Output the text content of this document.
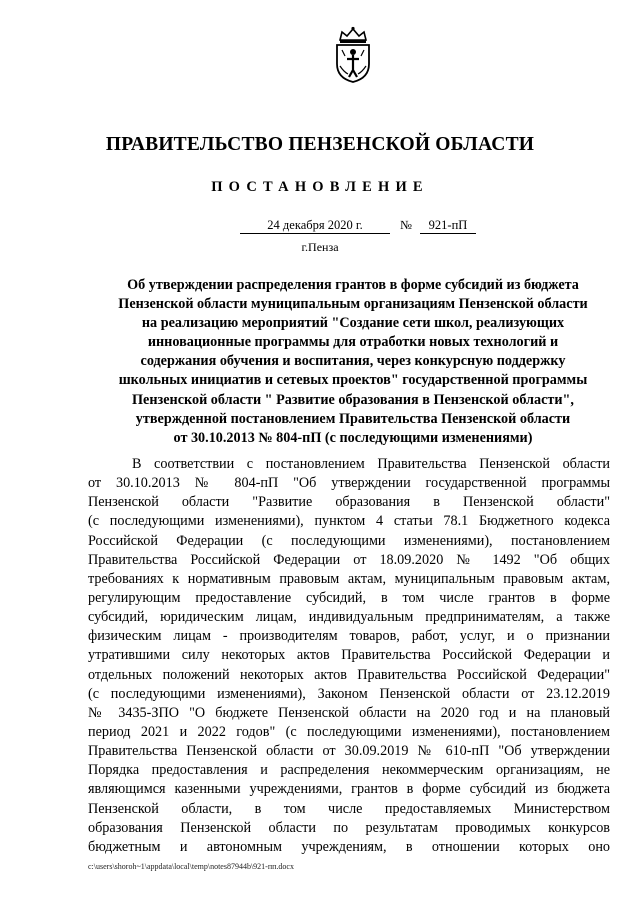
ПРАВИТЕЛЬСТВО ПЕНЗЕНСКОЙ ОБЛАСТИ
ПОСТАНОВЛЕНИЕ
24 декабря 2020 г.	№	921-пП
г.Пенза
Об утверждении распределения грантов в форме субсидий из бюджета
Пензенской области муниципальным организациям Пензенской области
на реализацию мероприятий "Создание сети школ, реализующих
инновационные программы для отработки новых технологий и
содержания обучения и воспитания, через конкурсную поддержку
школьных инициатив и сетевых проектов" государственной программы
Пензенской области " Развитие образования в Пензенской области",
утвержденной постановлением Правительства Пензенской области
от 30.10.2013 № 804-пП (с последующими изменениями)
В соответствии с постановлением Правительства Пензенской области
от 30.10.2013 № 804-пП "Об утверждении государственной программы
Пензенской области "Развитие образования в Пензенской области"
(с последующими изменениями), пунктом 4 статьи 78.1 Бюджетного кодекса
Российской Федерации (с последующими изменениями), постановлением
Правительства Российской Федерации от 18.09.2020 № 1492 "Об общих
требованиях к нормативным правовым актам, муниципальным правовым актам,
регулирующим предоставление субсидий, в том числе грантов в форме
субсидий, юридическим лицам, индивидуальным предпринимателям, а также
физическим лицам - производителям товаров, работ, услуг, и о признании
утратившими силу некоторых актов Правительства Российской Федерации и
отдельных положений некоторых актов Правительства Российской Федерации"
(с последующими изменениями), Законом Пензенской области от 23.12.2019
№ 3435-ЗПО "О бюджете Пензенской области на 2020 год и на плановый
период 2021 и 2022 годов" (с последующими изменениями), постановлением
Правительства Пензенской области от 30.09.2019 № 610-пП "Об утверждении
Порядка предоставления и распределения некоммерческим организациям, не
являющимся казенными учреждениями, грантов в форме субсидий из бюджета
Пензенской области, в том числе предоставляемых Министерством
образования Пензенской области по результатам проводимых конкурсов
бюджетным и автономным учреждениям, в отношении которых оно
c:\users\shoroh~1\appdata\local\temp\notes87944b\921-пп.docx
